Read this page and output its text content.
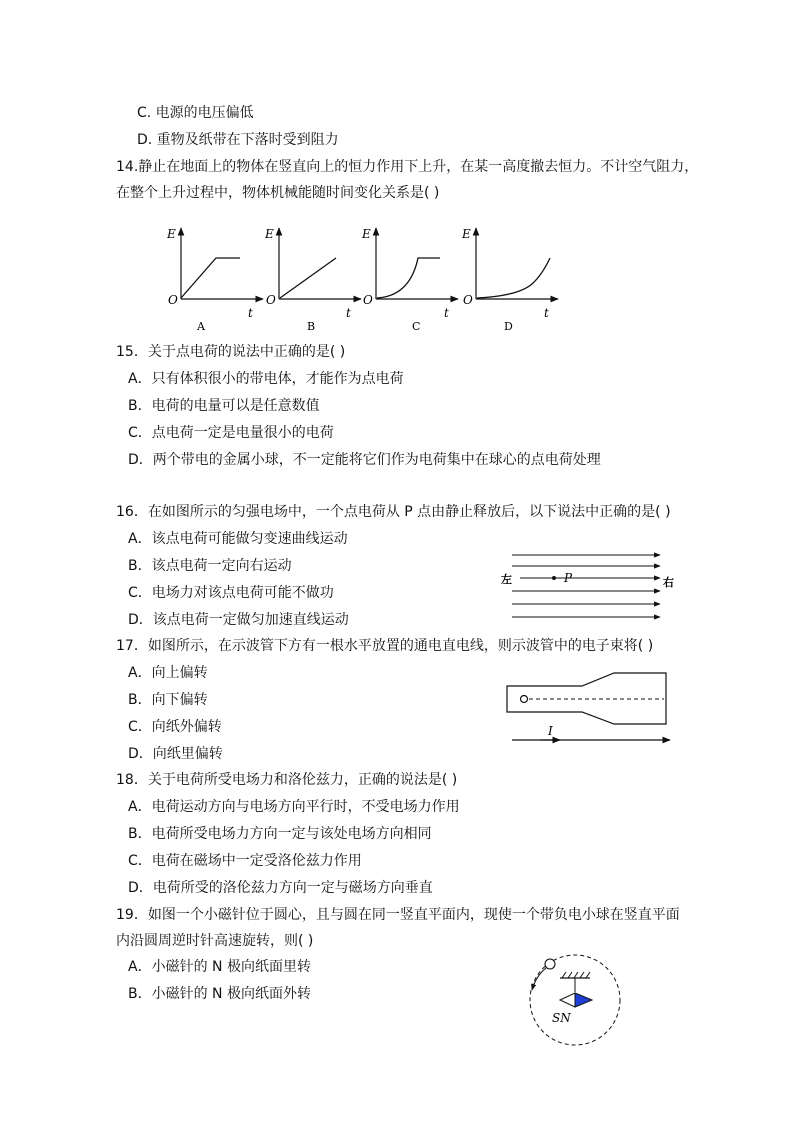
C. 电源的电压偏低
D. 重物及纸带在下落时受到阻力
14.静止在地面上的物体在竖直向上的恒力作用下上升，在某一高度撤去恒力。不计空气阻力，
在整个上升过程中，物体机械能随时间变化关系是( )
E
O
t
A
E
O
t
B
E
O
t
C
E
O
t
D
15．关于点电荷的说法中正确的是( )
A．只有体积很小的带电体，才能作为点电荷
B．电荷的电量可以是任意数值
C．点电荷一定是电量很小的电荷
D．两个带电的金属小球，不一定能将它们作为电荷集中在球心的点电荷处理
16．在如图所示的匀强电场中，一个点电荷从 P 点由静止释放后，以下说法中正确的是( )
A．该点电荷可能做匀变速曲线运动
B．该点电荷一定向右运动
C．电场力对该点电荷可能不做功
D．该点电荷一定做匀加速直线运动
左	P	右
17．如图所示，在示波管下方有一根水平放置的通电直电线，则示波管中的电子束将( )
A．向上偏转
B．向下偏转
C．向纸外偏转
D．向纸里偏转
I
18．关于电荷所受电场力和洛伦兹力，正确的说法是( )
A．电荷运动方向与电场方向平行时，不受电场力作用
B．电荷所受电场力方向一定与该处电场方向相同
C．电荷在磁场中一定受洛伦兹力作用
D．电荷所受的洛伦兹力方向一定与磁场方向垂直
19．如图一个小磁针位于圆心，且与圆在同一竖直平面内，现使一个带负电小球在竖直平面
内沿圆周逆时针高速旋转，则( )
A．小磁针的 N 极向纸面里转
B．小磁针的 N 极向纸面外转
SN
